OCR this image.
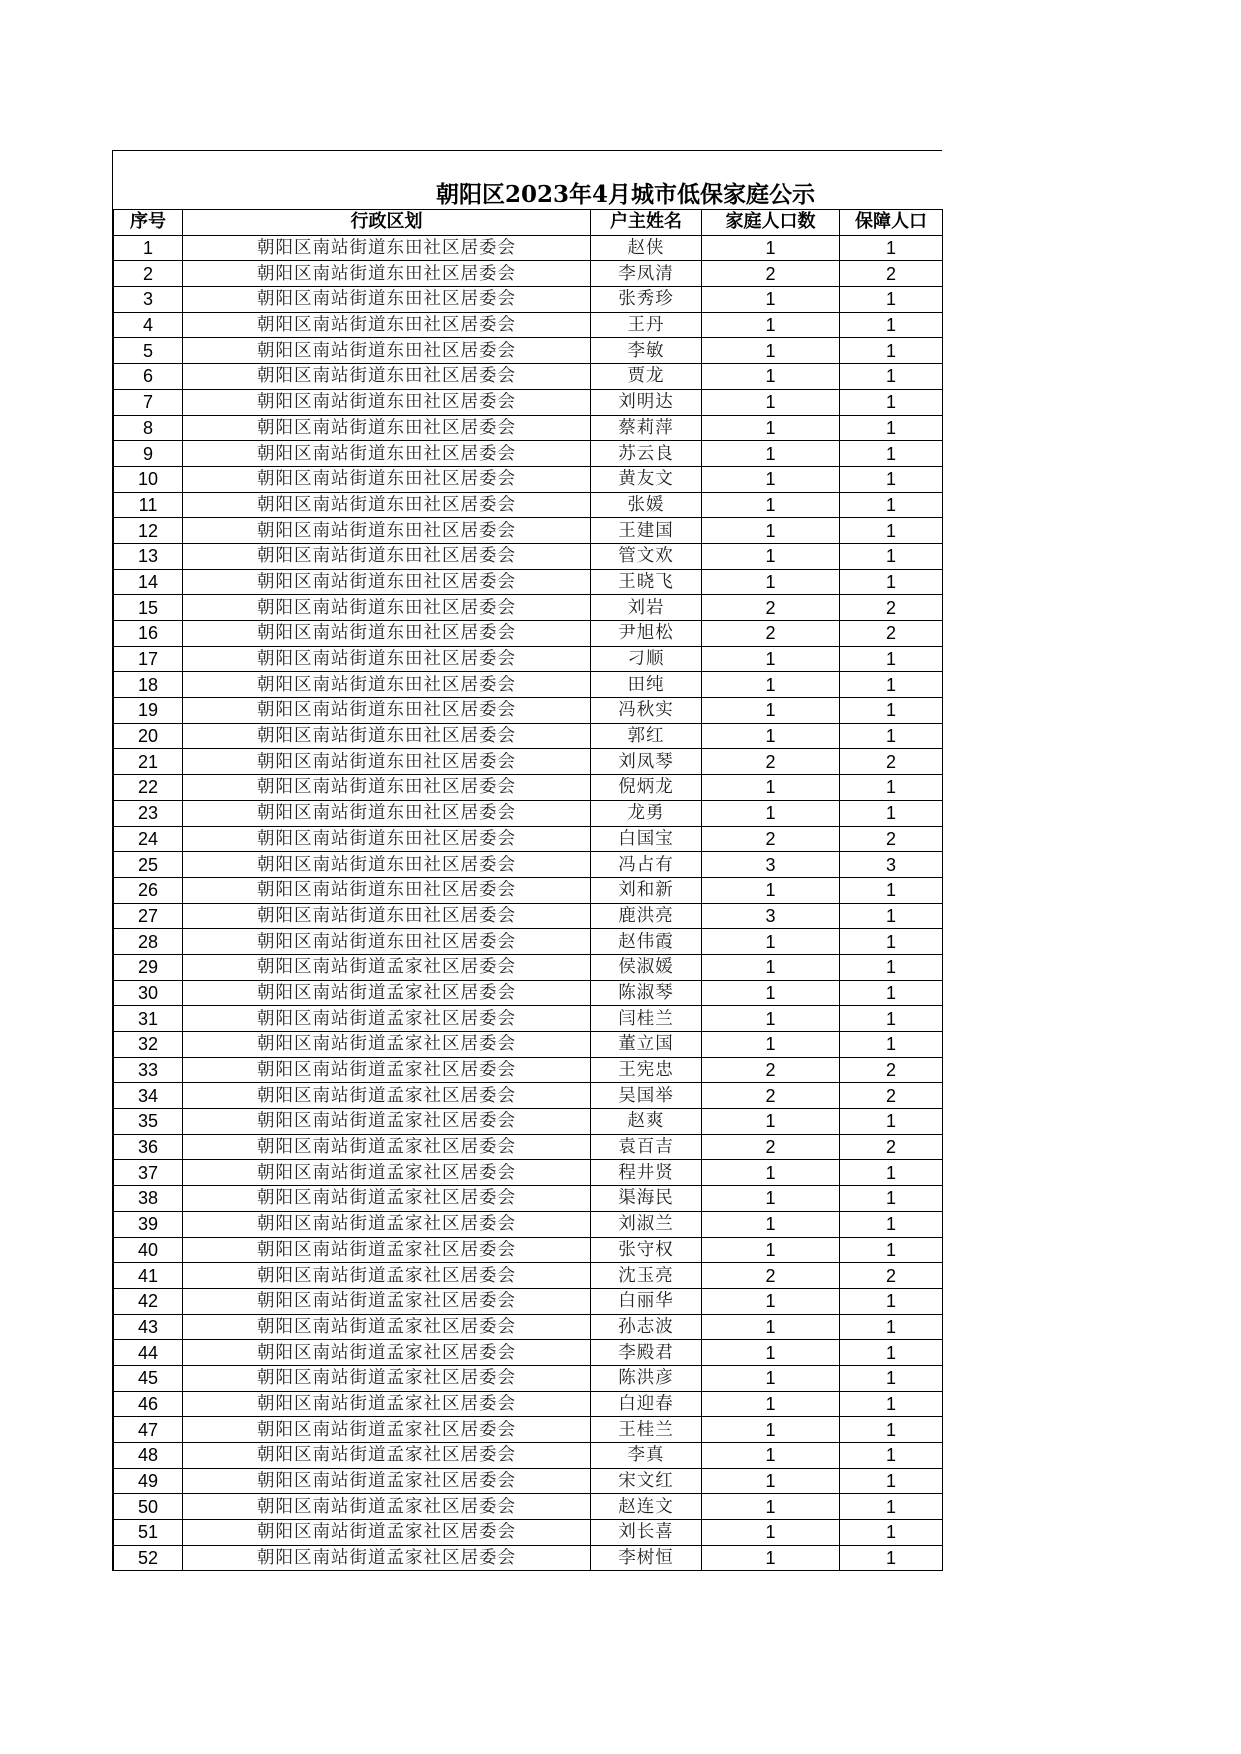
朝阳区2023年4月城市低保家庭公示
序号	行政区划	户主姓名	家庭人口数	保障人口
1	朝阳区南站街道东田社区居委会	赵侠	1	1
2	朝阳区南站街道东田社区居委会	李凤清	2	2
3	朝阳区南站街道东田社区居委会	张秀珍	1	1
4	朝阳区南站街道东田社区居委会	王丹	1	1
5	朝阳区南站街道东田社区居委会	李敏	1	1
6	朝阳区南站街道东田社区居委会	贾龙	1	1
7	朝阳区南站街道东田社区居委会	刘明达	1	1
8	朝阳区南站街道东田社区居委会	蔡莉萍	1	1
9	朝阳区南站街道东田社区居委会	苏云良	1	1
10	朝阳区南站街道东田社区居委会	黄友文	1	1
11	朝阳区南站街道东田社区居委会	张媛	1	1
12	朝阳区南站街道东田社区居委会	王建国	1	1
13	朝阳区南站街道东田社区居委会	管文欢	1	1
14	朝阳区南站街道东田社区居委会	王晓飞	1	1
15	朝阳区南站街道东田社区居委会	刘岩	2	2
16	朝阳区南站街道东田社区居委会	尹旭松	2	2
17	朝阳区南站街道东田社区居委会	刁顺	1	1
18	朝阳区南站街道东田社区居委会	田纯	1	1
19	朝阳区南站街道东田社区居委会	冯秋实	1	1
20	朝阳区南站街道东田社区居委会	郭红	1	1
21	朝阳区南站街道东田社区居委会	刘凤琴	2	2
22	朝阳区南站街道东田社区居委会	倪炳龙	1	1
23	朝阳区南站街道东田社区居委会	龙勇	1	1
24	朝阳区南站街道东田社区居委会	白国宝	2	2
25	朝阳区南站街道东田社区居委会	冯占有	3	3
26	朝阳区南站街道东田社区居委会	刘和新	1	1
27	朝阳区南站街道东田社区居委会	鹿洪亮	3	1
28	朝阳区南站街道东田社区居委会	赵伟霞	1	1
29	朝阳区南站街道孟家社区居委会	侯淑媛	1	1
30	朝阳区南站街道孟家社区居委会	陈淑琴	1	1
31	朝阳区南站街道孟家社区居委会	闫桂兰	1	1
32	朝阳区南站街道孟家社区居委会	董立国	1	1
33	朝阳区南站街道孟家社区居委会	王宪忠	2	2
34	朝阳区南站街道孟家社区居委会	吴国举	2	2
35	朝阳区南站街道孟家社区居委会	赵爽	1	1
36	朝阳区南站街道孟家社区居委会	袁百吉	2	2
37	朝阳区南站街道孟家社区居委会	程井贤	1	1
38	朝阳区南站街道孟家社区居委会	渠海民	1	1
39	朝阳区南站街道孟家社区居委会	刘淑兰	1	1
40	朝阳区南站街道孟家社区居委会	张守权	1	1
41	朝阳区南站街道孟家社区居委会	沈玉亮	2	2
42	朝阳区南站街道孟家社区居委会	白丽华	1	1
43	朝阳区南站街道孟家社区居委会	孙志波	1	1
44	朝阳区南站街道孟家社区居委会	李殿君	1	1
45	朝阳区南站街道孟家社区居委会	陈洪彦	1	1
46	朝阳区南站街道孟家社区居委会	白迎春	1	1
47	朝阳区南站街道孟家社区居委会	王桂兰	1	1
48	朝阳区南站街道孟家社区居委会	李真	1	1
49	朝阳区南站街道孟家社区居委会	宋文红	1	1
50	朝阳区南站街道孟家社区居委会	赵连文	1	1
51	朝阳区南站街道孟家社区居委会	刘长喜	1	1
52	朝阳区南站街道孟家社区居委会	李树恒	1	1
